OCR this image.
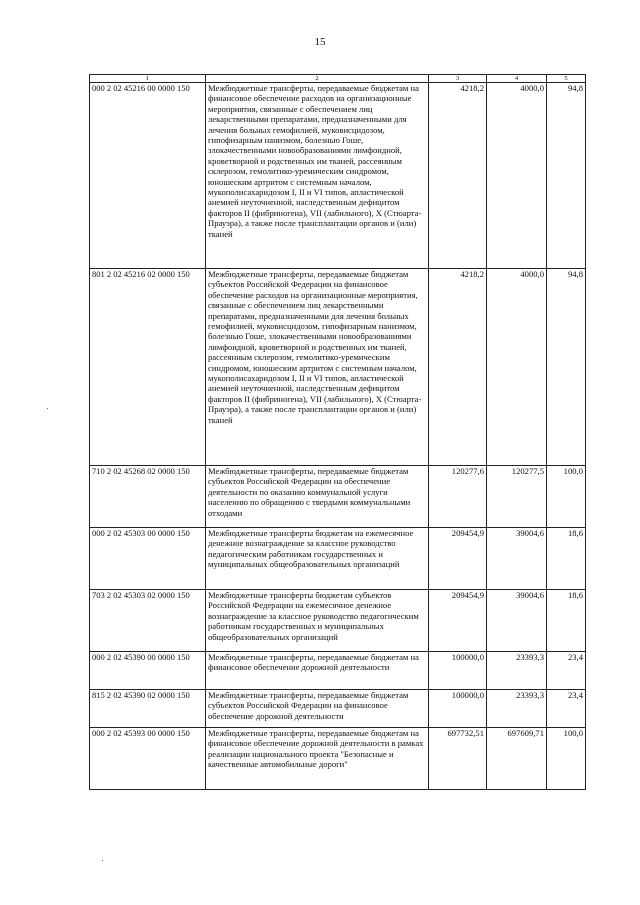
15
1	2	3	4	5
000 2 02 45216 00 0000 150	Межбюджетные трансферты, передаваемые бюджетам на финансовое обеспечение расходов на организационные мероприятия, связанные с обеспечением лиц лекарственными препаратами, предназначенными для лечения больных гемофилией, муковисцидозом, гипофизарным нанизмом, болезнью Гоше, злокачественными новообразованиями лимфоидной, кроветворной и родственных им тканей, рассеянным склерозом, гемолитико-уремическим синдромом, юношеским артритом с системным началом, мукополисахаридозом I, II и VI типов, апластической анемией неуточненной, наследственным дефицитом факторов II (фибриногена), VII (лабильного), X (Стюарта-Прауэра), а также после трансплантации органов и (или) тканей	4218,2	4000,0	94,8
801 2 02 45216 02 0000 150	Межбюджетные трансферты, передаваемые бюджетам субъектов Российской Федерации на финансовое обеспечение расходов на организационные мероприятия, связанные с обеспечением лиц лекарственными препаратами, предназначенными для лечения больных гемофилией, муковисцидозом, гипофизарным нанизмом, болезнью Гоше, злокачественными новообразованиями лимфоидной, кроветворной и родственных им тканей, рассеянным склерозом, гемолитико-уремическим синдромом, юношеским артритом с системным началом, мукополисахаридозом I, II и VI типов, апластической анемией неуточненной, наследственным дефицитом факторов II (фибриногена), VII (лабильного), X (Стюарта-Прауэра), а также после трансплантации органов и (или) тканей	4218,2	4000,0	94,8
710 2 02 45268 02 0000 150	Межбюджетные трансферты, передаваемые бюджетам субъектов Российской Федерации на обеспечение деятельности по оказанию коммунальной услуги населению по обращению с твердыми коммунальными отходами	120277,6	120277,5	100,0
000 2 02 45303 00 0000 150	Межбюджетные трансферты бюджетам на ежемесячное денежное вознаграждение за классное руководство педагогическим работникам государственных и муниципальных общеобразовательных организаций	209454,9	39004,6	18,6
703 2 02 45303 02 0000 150	Межбюджетные трансферты бюджетам субъектов Российской Федерации на ежемесячное денежное вознаграждение за классное руководство педагогическим работникам государственных и муниципальных общеобразовательных организаций	209454,9	39004,6	18,6
000 2 02 45390 00 0000 150	Межбюджетные трансферты, передаваемые бюджетам на финансовое обеспечение дорожной деятельности	100000,0	23393,3	23,4
815 2 02 45390 02 0000 150	Межбюджетные трансферты, передаваемые бюджетам субъектов Российской Федерации на финансовое обеспечение дорожной деятельности	100000,0	23393,3	23,4
000 2 02 45393 00 0000 150	Межбюджетные трансферты, передаваемые бюджетам на финансовое обеспечение дорожной деятельности в рамках реализации национального проекта "Безопасные и качественные автомобильные дороги"	697732,51	697609,71	100,0
